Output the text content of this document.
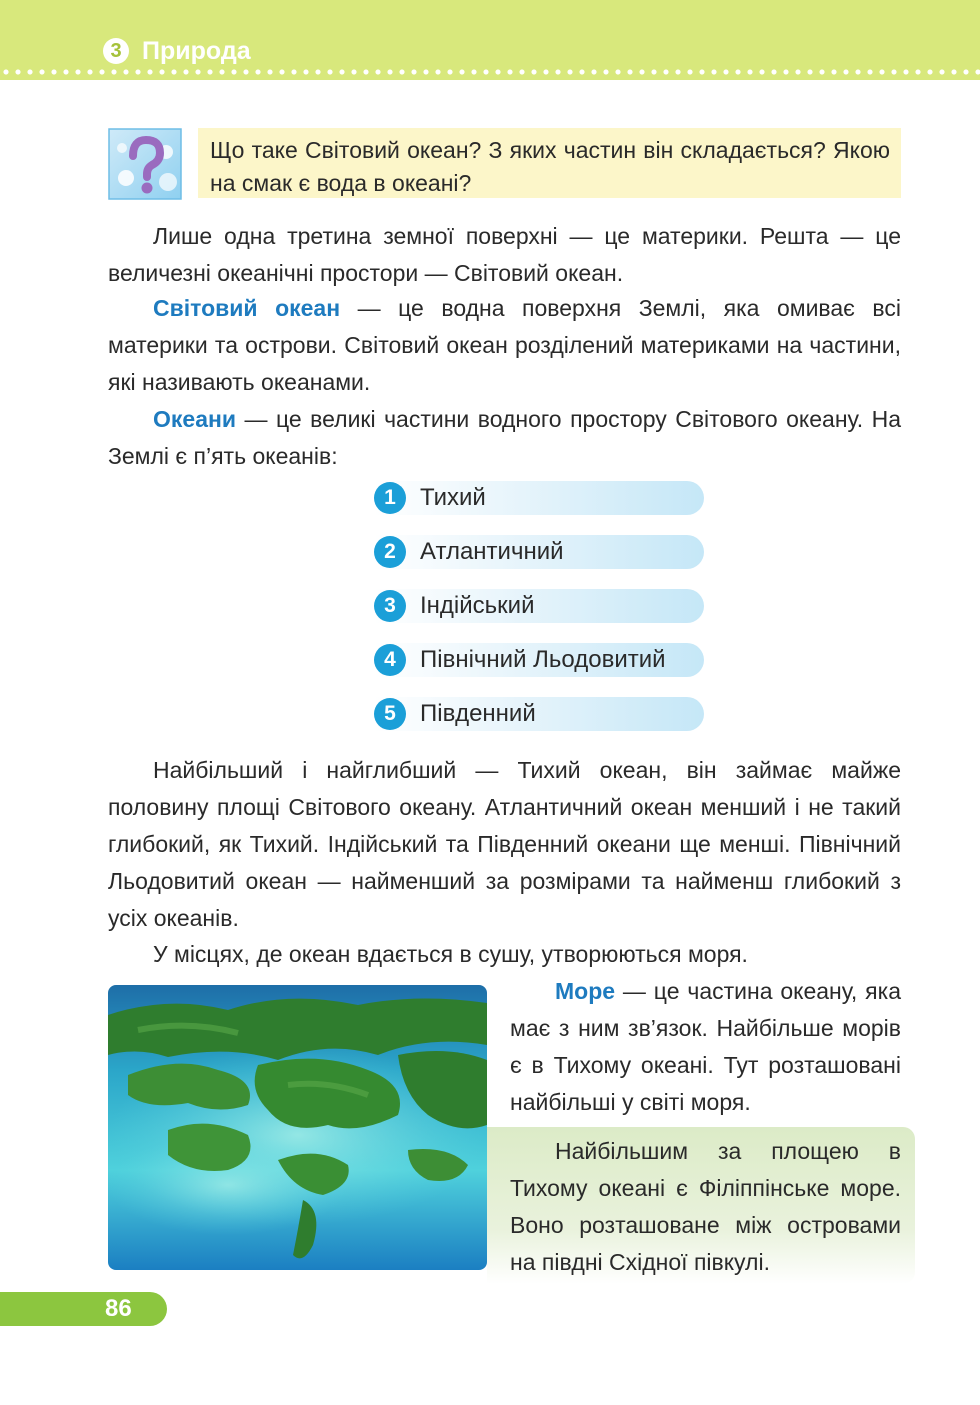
3 Природа
Що таке Світовий океан? З яких частин він складається? Якою на смак є вода в океані?

Лише одна третина земної поверхні — це материки. Решта — це величезні океанічні простори — Світовий океан.

Світовий океан — це водна поверхня Землі, яка омиває всі материки та острови. Світовий океан розділений материками на частини, які називають океанами.

Океани — це великі частини водного простору Світового океану. На Землі є п’ять океанів:

1	Тихий
2	Атлантичний
3	Індійський
4	Північний Льодовитий
5	Південний

Найбільший і найглибший — Тихий океан, він займає майже половину площі Світового океану. Атлантичний океан менший і не такий глибокий, як Тихий. Індійський та Південний океани ще менші. Північний Льодовитий океан — найменший за розмірами та найменш глибокий з усіх океанів.

У місцях, де океан вдається в сушу, утворюються моря.

Море — це частина океану, яка має з ним зв’язок. Найбільше морів є в Тихому океані. Тут розташовані найбільші у світі моря.

Найбільшим за площею в Тихому океані є Філіппінське море. Воно розташоване між островами на півдні Східної півкулі.

86
